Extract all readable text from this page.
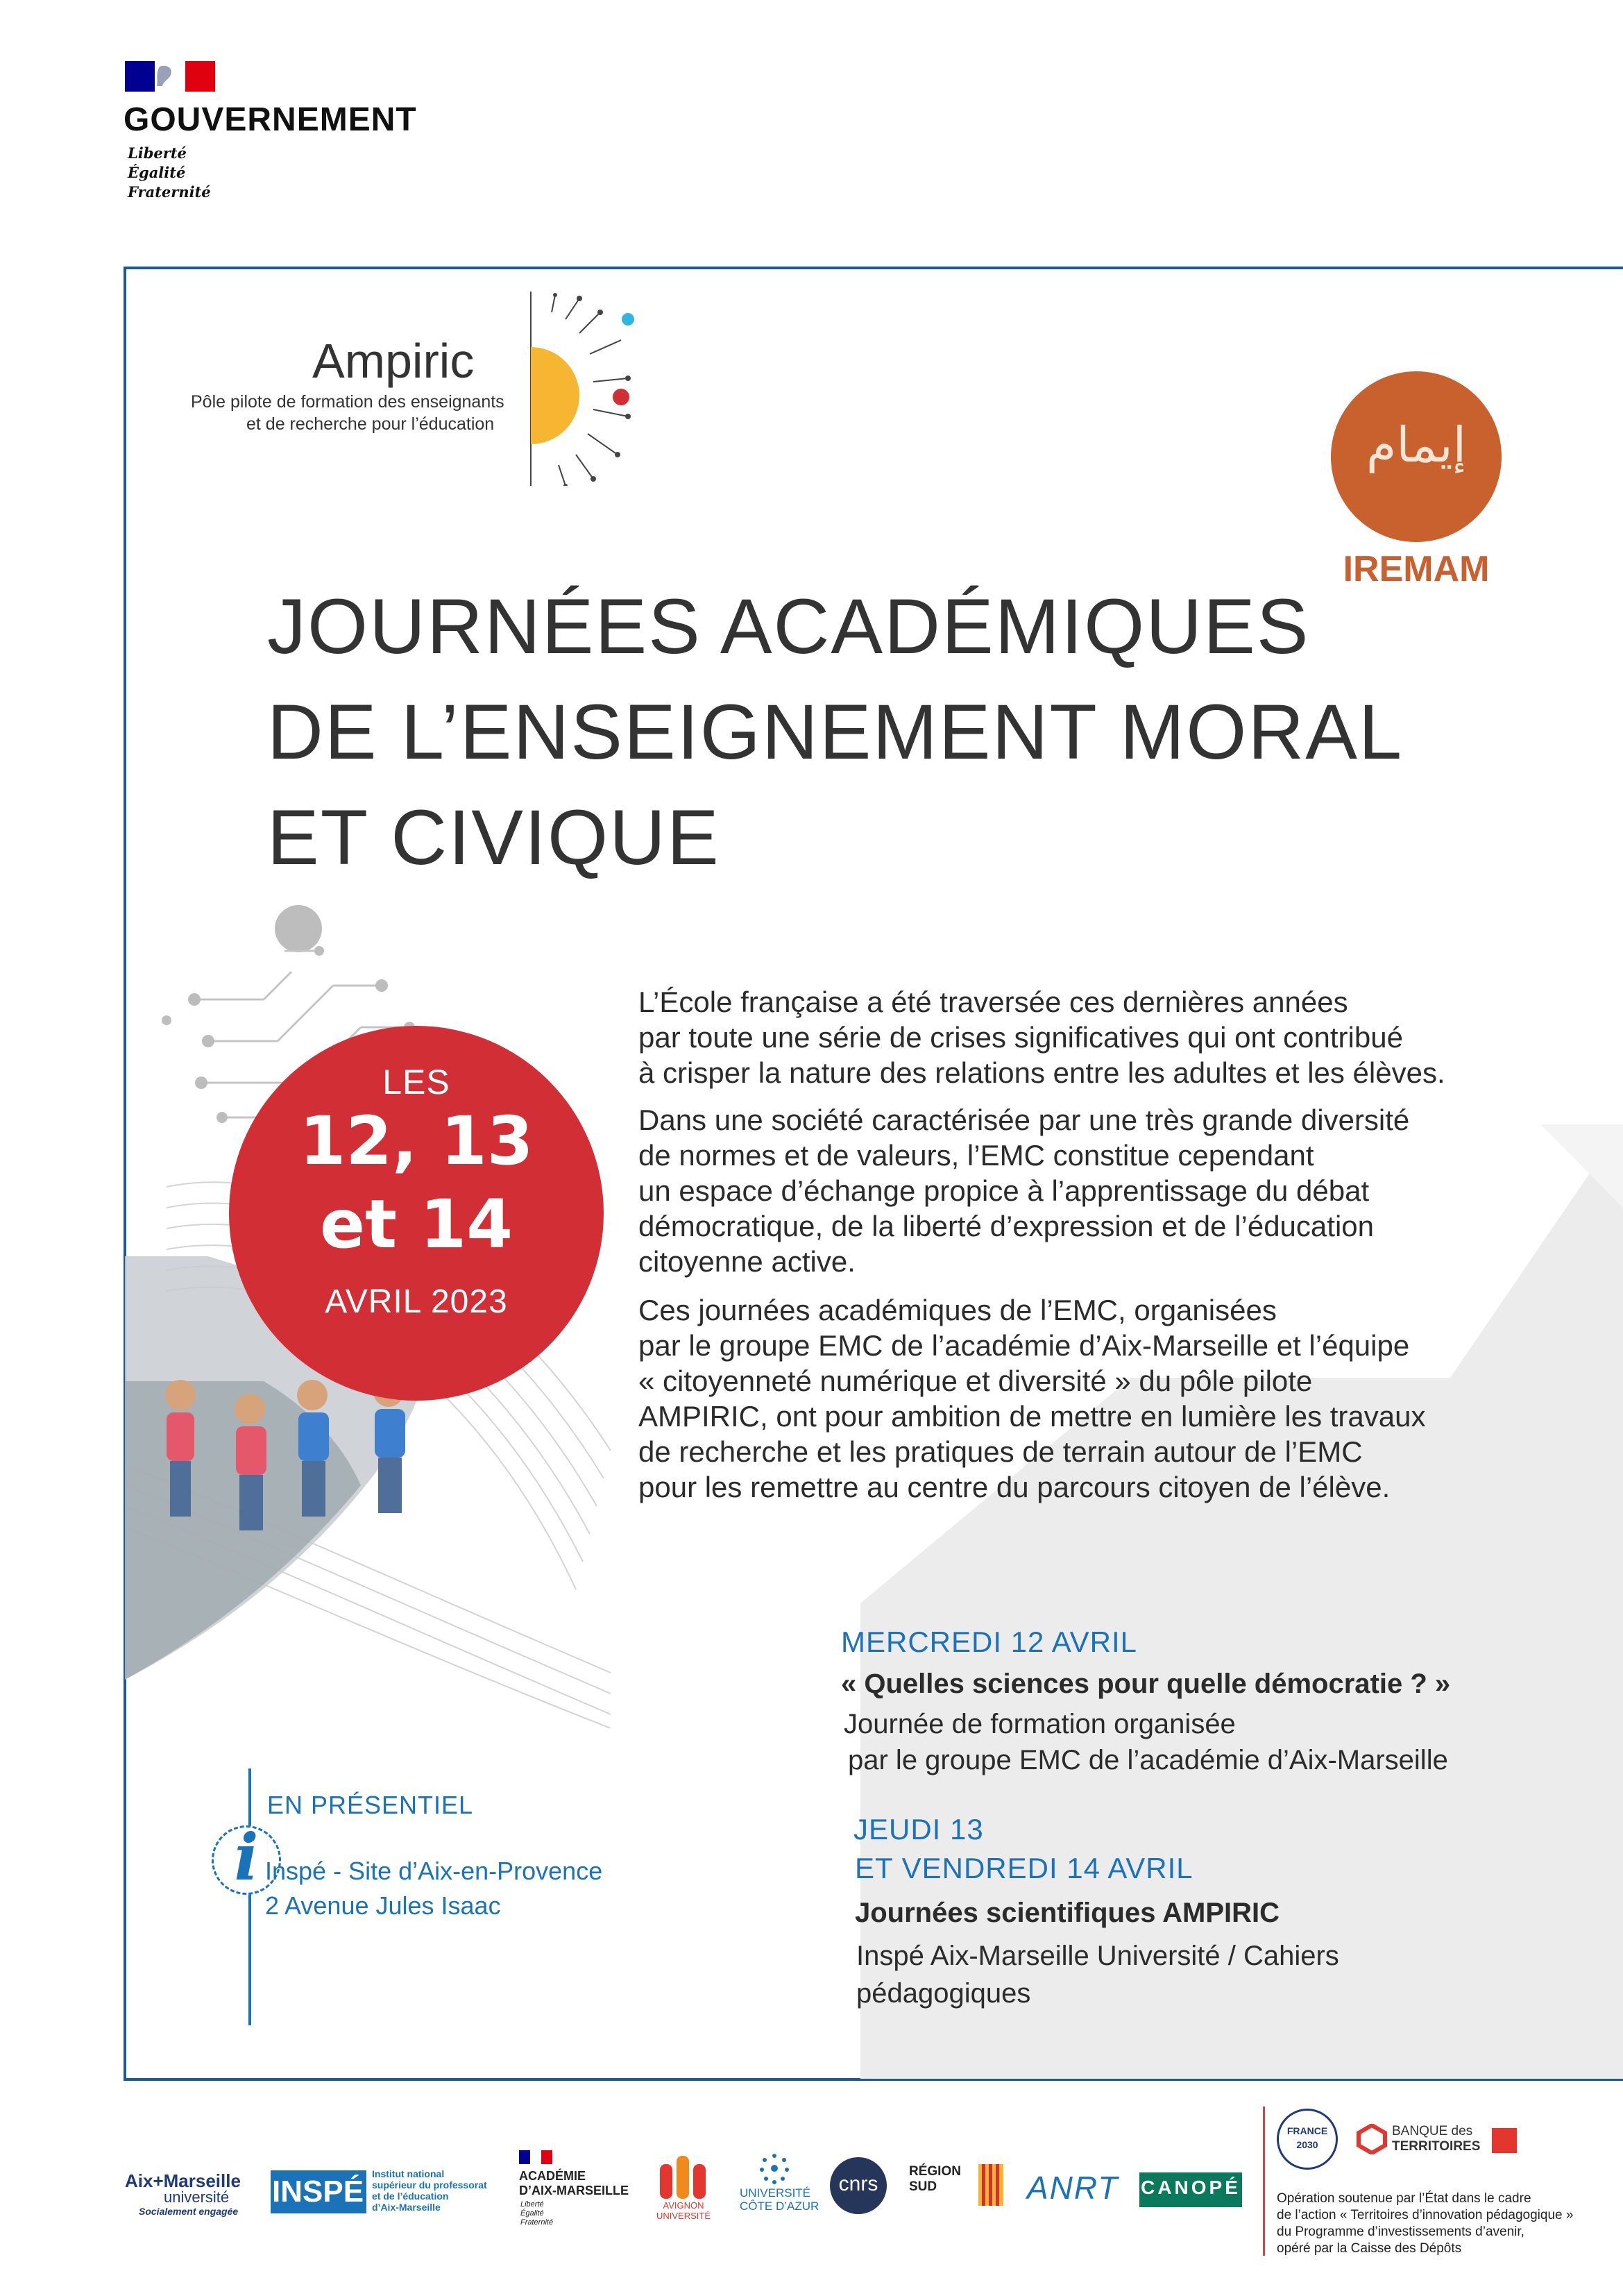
GOUVERNEMENT
Liberté
Égalité
Fraternité
Ampiric
Pôle pilote de formation des enseignants
et de recherche pour l’éducation	إيمام
IREMAM
JOURNÉES ACADÉMIQUES
DE L’ENSEIGNEMENT MORAL
ET CIVIQUE
LES
12, 13
et 14
AVRIL 2023
L’École française a été traversée ces dernières années
par toute une série de crises significatives qui ont contribué
à crisper la nature des relations entre les adultes et les élèves.
Dans une société caractérisée par une très grande diversité
de normes et de valeurs, l’EMC constitue cependant
un espace d’échange propice à l’apprentissage du débat
démocratique, de la liberté d’expression et de l’éducation
citoyenne active.
Ces journées académiques de l’EMC, organisées
par le groupe EMC de l’académie d’Aix-Marseille et l’équipe
« citoyenneté numérique et diversité » du pôle pilote
AMPIRIC, ont pour ambition de mettre en lumière les travaux
de recherche et les pratiques de terrain autour de l’EMC
pour les remettre au centre du parcours citoyen de l’élève.
MERCREDI 12 AVRIL
« Quelles sciences pour quelle démocratie ? »
Journée de formation organisée
par le groupe EMC de l’académie d’Aix-Marseille
JEUDI 13
ET VENDREDI 14 AVRIL
Journées scientifiques AMPIRIC
Inspé Aix-Marseille Université / Cahiers
pédagogiques
i
EN PRÉSENTIEL
Inspé - Site d’Aix-en-Provence
2 Avenue Jules Isaac
Aix+Marseille
université
Socialement engagée
INSPÉ
Institut national
supérieur du professorat
et de l’éducation
d’Aix-Marseille
ACADÉMIE
D’AIX-MARSEILLE
Liberté
Égalité
Fraternité
AVIGNON
UNIVERSITÉ
UNIVERSITÉ
CÔTE D’AZUR
cnrs
RÉGION
SUD	ANRT CANOPÉ
FRANCE
2030
BANQUE des
TERRITOIRES
Opération soutenue par l’État dans le cadre
de l’action « Territoires d’innovation pédagogique »
du Programme d’investissements d’avenir,
opéré par la Caisse des Dépôts
